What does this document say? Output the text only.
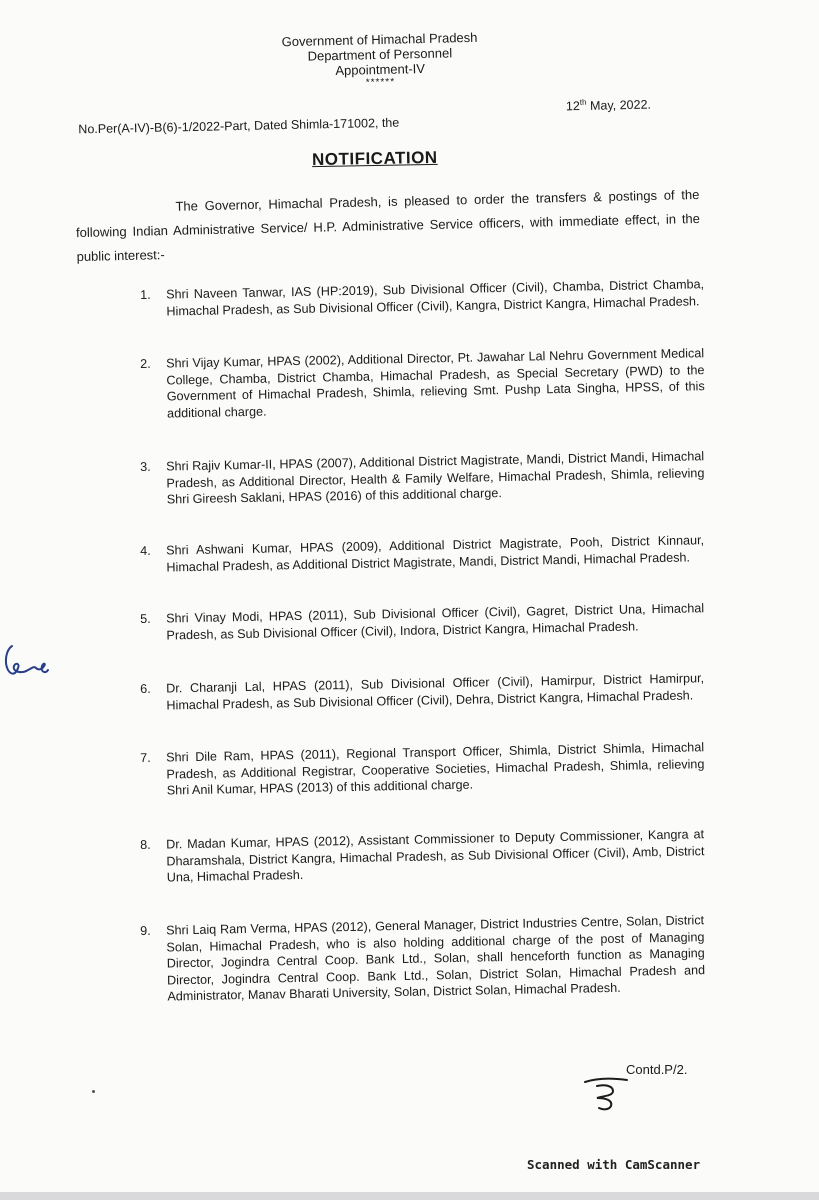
Government of Himachal Pradesh
Department of Personnel
Appointment-IV
******
No.Per(A-IV)-B(6)-1/2022-Part, Dated Shimla-171002, the
12th May, 2022.
NOTIFICATION
The Governor, Himachal Pradesh, is pleased to order the transfers & postings of the following Indian Administrative Service/ H.P. Administrative Service officers, with immediate effect, in the public interest:-
1.	Shri Naveen Tanwar, IAS (HP:2019), Sub Divisional Officer (Civil), Chamba, District Chamba, Himachal Pradesh, as Sub Divisional Officer (Civil), Kangra, District Kangra, Himachal Pradesh.
2.	Shri Vijay Kumar, HPAS (2002), Additional Director, Pt. Jawahar Lal Nehru Government Medical College, Chamba, District Chamba, Himachal Pradesh, as Special Secretary (PWD) to the Government of Himachal Pradesh, Shimla, relieving Smt. Pushp Lata Singha, HPSS, of this additional charge.
3.	Shri Rajiv Kumar-II, HPAS (2007), Additional District Magistrate, Mandi, District Mandi, Himachal Pradesh, as Additional Director, Health & Family Welfare, Himachal Pradesh, Shimla, relieving Shri Gireesh Saklani, HPAS (2016) of this additional charge.
4.	Shri Ashwani Kumar, HPAS (2009), Additional District Magistrate, Pooh, District Kinnaur, Himachal Pradesh, as Additional District Magistrate, Mandi, District Mandi, Himachal Pradesh.
5.	Shri Vinay Modi, HPAS (2011), Sub Divisional Officer (Civil), Gagret, District Una, Himachal Pradesh, as Sub Divisional Officer (Civil), Indora, District Kangra, Himachal Pradesh.
6.	Dr. Charanji Lal, HPAS (2011), Sub Divisional Officer (Civil), Hamirpur, District Hamirpur, Himachal Pradesh, as Sub Divisional Officer (Civil), Dehra, District Kangra, Himachal Pradesh.
7.	Shri Dile Ram, HPAS (2011), Regional Transport Officer, Shimla, District Shimla, Himachal Pradesh, as Additional Registrar, Cooperative Societies, Himachal Pradesh, Shimla, relieving Shri Anil Kumar, HPAS (2013) of this additional charge.
8.	Dr. Madan Kumar, HPAS (2012), Assistant Commissioner to Deputy Commissioner, Kangra at Dharamshala, District Kangra, Himachal Pradesh, as Sub Divisional Officer (Civil), Amb, District Una, Himachal Pradesh.
9.	Shri Laiq Ram Verma, HPAS (2012), General Manager, District Industries Centre, Solan, District Solan, Himachal Pradesh, who is also holding additional charge of the post of Managing Director, Jogindra Central Coop. Bank Ltd., Solan, shall henceforth function as Managing Director, Jogindra Central Coop. Bank Ltd., Solan, District Solan, Himachal Pradesh and Administrator, Manav Bharati University, Solan, District Solan, Himachal Pradesh.
Contd.P/2.
Scanned with CamScanner
